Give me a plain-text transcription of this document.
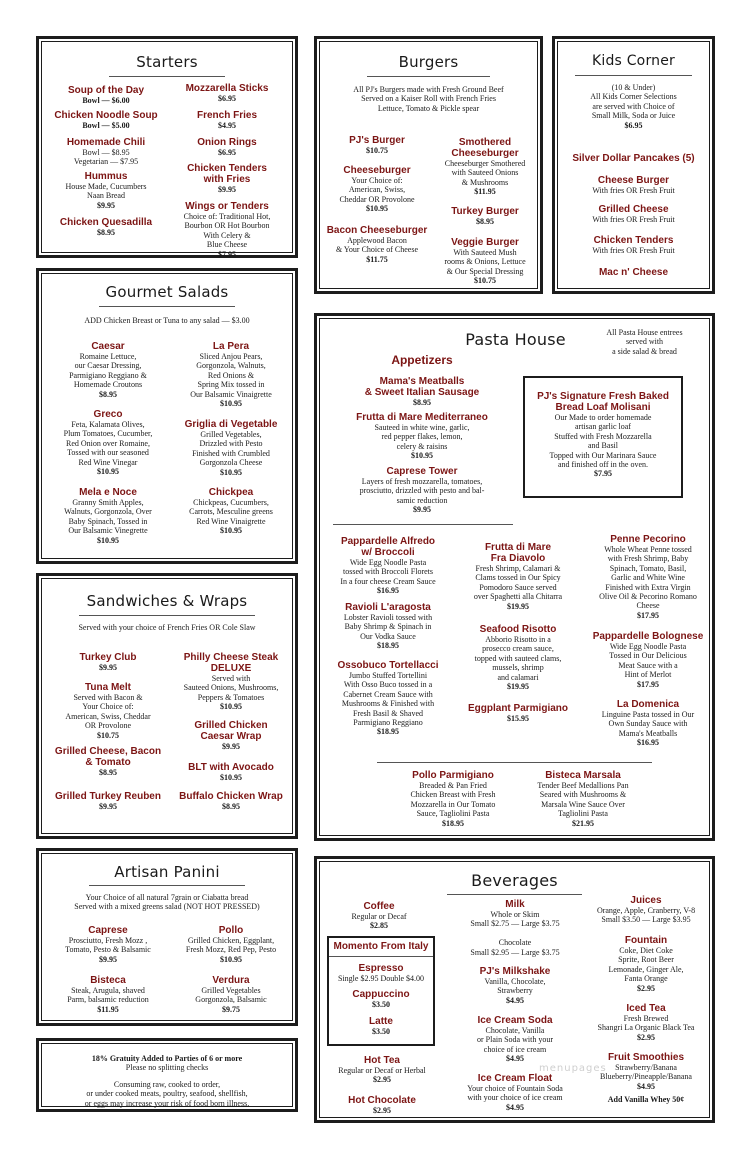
Starters
Soup of the Day
Bowl — $6.00
Chicken Noodle Soup
Bowl — $5.00
Homemade Chili
Bowl — $8.95
Vegetarian — $7.95
Hummus
House Made, Cucumbers
Naan Bread
$9.95
Chicken Quesadilla
$8.95
Mozzarella Sticks
$6.95
French Fries
$4.95
Onion Rings
$6.95
Chicken Tenders
with Fries
$9.95
Wings or Tenders
Choice of: Traditional Hot,
Bourbon OR Hot Bourbon
With Celery &
Blue Cheese
$7.95
Gourmet Salads
ADD Chicken Breast or Tuna to any salad — $3.00
Caesar
Romaine Lettuce,
our Caesar Dressing,
Parmigiano Reggiano &
Homemade Croutons
$8.95
Greco
Feta, Kalamata Olives,
Plum Tomatoes, Cucumber,
Red Onion over Romaine,
Tossed with our seasoned
Red Wine Vinegar
$10.95
Mela e Noce
Granny Smith Apples,
Walnuts, Gorgonzola, Over
Baby Spinach, Tossed in
Our Balsamic Vinegrette
$10.95
La Pera
Sliced Anjou Pears,
Gorgonzola, Walnuts,
Red Onions &
Spring Mix tossed in
Our Balsamic Vinaigrette
$10.95
Griglia di Vegetable
Grilled Vegetables,
Drizzled with Pesto
Finished with Crumbled
Gorgonzola Cheese
$10.95
Chickpea
Chickpeas, Cucumbers,
Carrots, Mesculine greens
Red Wine Vinaigrette
$10.95
Sandwiches & Wraps
Served with your choice of French Fries OR Cole Slaw
Turkey Club
$9.95
Tuna Melt
Served with Bacon &
Your Choice of:
American, Swiss, Cheddar
OR Provolone
$10.75
Grilled Cheese, Bacon
& Tomato
$8.95
Grilled Turkey Reuben
$9.95
Philly Cheese Steak
DELUXE
Served with
Sauteed Onions, Mushrooms,
Peppers & Tomatoes
$10.95
Grilled Chicken
Caesar Wrap
$9.95
BLT with Avocado
$10.95
Buffalo Chicken Wrap
$8.95
Artisan Panini
Your Choice of all natural 7grain or Ciabatta bread
Served with a mixed greens salad (NOT HOT PRESSED)
Caprese
Prosciutto, Fresh Mozz ,
Tomato, Pesto & Balsamic
$9.95
Bisteca
Steak, Arugula, shaved
Parm, balsamic reduction
$11.95
Pollo
Grilled Chicken, Eggplant,
Fresh Mozz, Red Pep, Pesto
$10.95
Verdura
Grilled Vegetables
Gorgonzola, Balsamic
$9.75
18% Gratuity Added to Parties of 6 or more
Please no splitting checks
Consuming raw, cooked to order,
or under cooked meats, poultry, seafood, shellfish,
or eggs may increase your risk of food born illness.
Burgers
All PJ's Burgers made with Fresh Ground Beef
Served on a Kaiser Roll with French Fries
Lettuce, Tomato & Pickle spear
PJ's Burger
$10.75
Cheeseburger
Your Choice of:
American, Swiss,
Cheddar OR Provolone
$10.95
Bacon Cheeseburger
Applewood Bacon
& Your Choice of Cheese
$11.75
Smothered
Cheeseburger
Cheeseburger Smothered
with Sauteed Onions
& Mushrooms
$11.95
Turkey Burger
$8.95
Veggie Burger
With Sauteed Mush
rooms & Onions, Lettuce
& Our Special Dressing
$10.75
Kids Corner
(10 & Under)
All Kids Corner Selections
are served with Choice of
Small Milk, Soda or Juice
$6.95
Silver Dollar Pancakes (5)
Cheese Burger
With fries OR Fresh Fruit
Grilled Cheese
With fries OR Fresh Fruit
Chicken Tenders
With fries OR Fresh Fruit
Mac n' Cheese
Pasta House	All Pasta House entrees
served with
a side salad & bread
Appetizers
Mama's Meatballs
& Sweet Italian Sausage
$8.95
Frutta di Mare Mediterraneo
Sauteed in white wine, garlic,
red pepper flakes, lemon,
celery & raisins
$10.95
Caprese Tower
Layers of fresh mozzarella, tomatoes,
prosciutto, drizzled with pesto and bal-
samic reduction
$9.95
PJ's Signature Fresh Baked
Bread Loaf Molisani
Our Made to order homemade
artisan garlic loaf
Stuffed with Fresh Mozzarella
and Basil
Topped with Our Marinara Sauce
and finished off in the oven.
$7.95
Pappardelle Alfredo
w/ Broccoli
Wide Egg Noodle Pasta
tossed with Broccoli Florets
In a four cheese Cream Sauce
$16.95
Ravioli L'aragosta
Lobster Ravioli tossed with
Baby Shrimp & Spinach in
Our Vodka Sauce
$18.95
Ossobuco Tortellacci
Jumbo Stuffed Tortellini
With Osso Buco tossed in a
Cabernet Cream Sauce with
Mushrooms & Finished with
Fresh Basil & Shaved
Parmigiano Reggiano
$18.95
Frutta di Mare
Fra Diavolo
Fresh Shrimp, Calamari &
Clams tossed in Our Spicy
Pomodoro Sauce served
over Spaghetti alla Chitarra
$19.95
Seafood Risotto
Abborio Risotto in a
prosecco cream sauce,
topped with sauteed clams,
mussels, shrimp
and calamari
$19.95
Eggplant Parmigiano
$15.95
Penne Pecorino
Whole Wheat Penne tossed
with Fresh Shrimp, Baby
Spinach, Tomato, Basil,
Garlic and White Wine
Finished with Extra Virgin
Olive Oil & Pecorino Romano
Cheese
$17.95
Pappardelle Bolognese
Wide Egg Noodle Pasta
Tossed in Our Delicious
Meat Sauce with a
Hint of Merlot
$17.95
La Domenica
Linguine Pasta tossed in Our
Own Sunday Sauce with
Mama's Meatballs
$16.95
Pollo Parmigiano
Breaded & Pan Fried
Chicken Breast with Fresh
Mozzarella in Our Tomato
Sauce, Tagliolini Pasta
$18.95
Bisteca Marsala
Tender Beef Medallions Pan
Seared with Mushrooms &
Marsala Wine Sauce Over
Tagliolini Pasta
$21.95
Beverages
Coffee
Regular or Decaf
$2.85
Momento From Italy
Espresso
Single $2.95 Double $4.00
Cappuccino
$3.50
Latte
$3.50
Hot Tea
Regular or Decaf or Herbal
$2.95
Hot Chocolate
$2.95
Milk
Whole or Skim
Small $2.75 — Large $3.75

Chocolate
Small $2.95 — Large $3.75
PJ's Milkshake
Vanilla, Chocolate,
Strawberry
$4.95
Ice Cream Soda
Chocolate, Vanilla
or Plain Soda with your
choice of ice cream
$4.95
Ice Cream Float
Your choice of Fountain Soda
with your choice of ice cream
$4.95
Juices
Orange, Apple, Cranberry, V-8
Small $3.50 — Large $3.95
Fountain
Coke, Diet Coke
Sprite, Root Beer
Lemonade, Ginger Ale,
Fanta Orange
$2.95
Iced Tea
Fresh Brewed
Shangri La Organic Black Tea
$2.95
Fruit Smoothies
Strawberry/Banana
Blueberry/Pineapple/Banana
$4.95
Add Vanilla Whey 50¢
menupages
